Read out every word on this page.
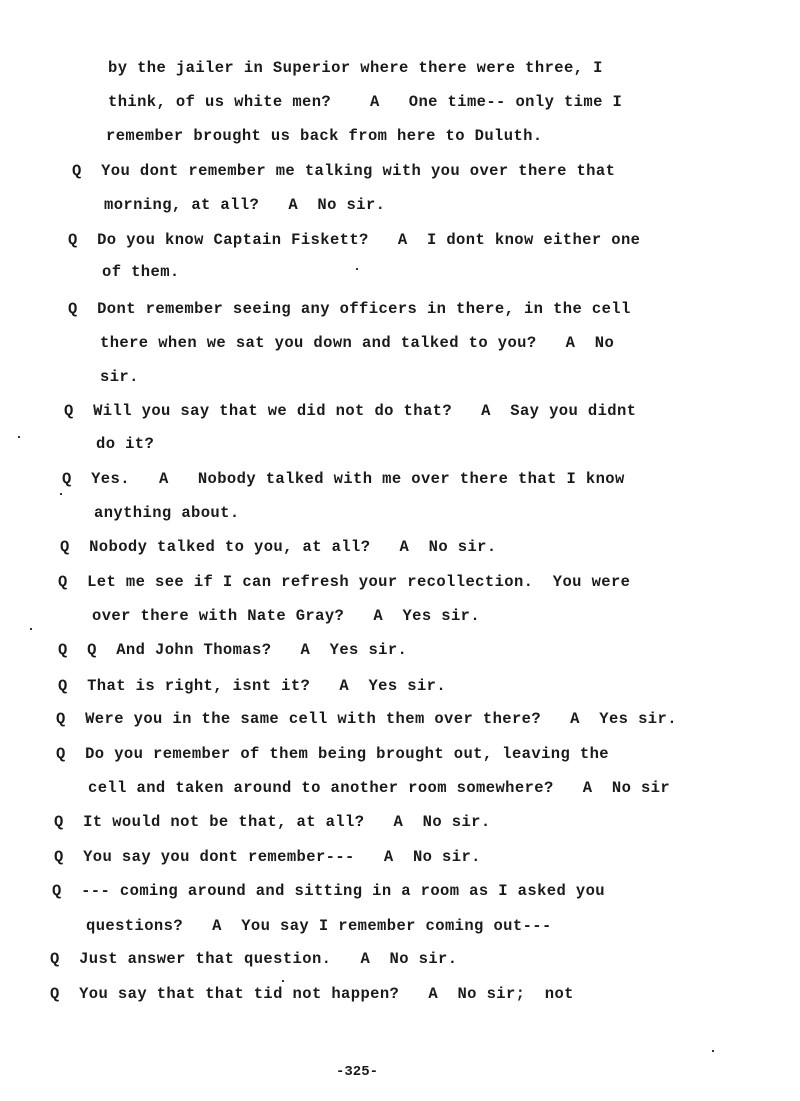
by the jailer in Superior where there were three, I
think, of us white men?    A   One time-- only time I
remember brought us back from here to Duluth.
Q  You dont remember me talking with you over there that
morning, at all?   A  No sir.
Q  Do you know Captain Fiskett?   A  I dont know either one
of them.
Q  Dont remember seeing any officers in there, in the cell
there when we sat you down and talked to you?   A  No
sir.
Q  Will you say that we did not do that?   A  Say you didnt
do it?
Q  Yes.   A   Nobody talked with me over there that I know
anything about.
Q  Nobody talked to you, at all?   A  No sir.
Q  Let me see if I can refresh your recollection.  You were
over there with Nate Gray?   A  Yes sir.
Q  Q  And John Thomas?   A  Yes sir.
Q  That is right, isnt it?   A  Yes sir.
Q  Were you in the same cell with them over there?   A  Yes sir.
Q  Do you remember of them being brought out, leaving the
cell and taken around to another room somewhere?   A  No sir
Q  It would not be that, at all?   A  No sir.
Q  You say you dont remember---   A  No sir.
Q  --- coming around and sitting in a room as I asked you
questions?   A  You say I remember coming out---
Q  Just answer that question.   A  No sir.
Q  You say that that tid not happen?   A  No sir;  not
-325-
